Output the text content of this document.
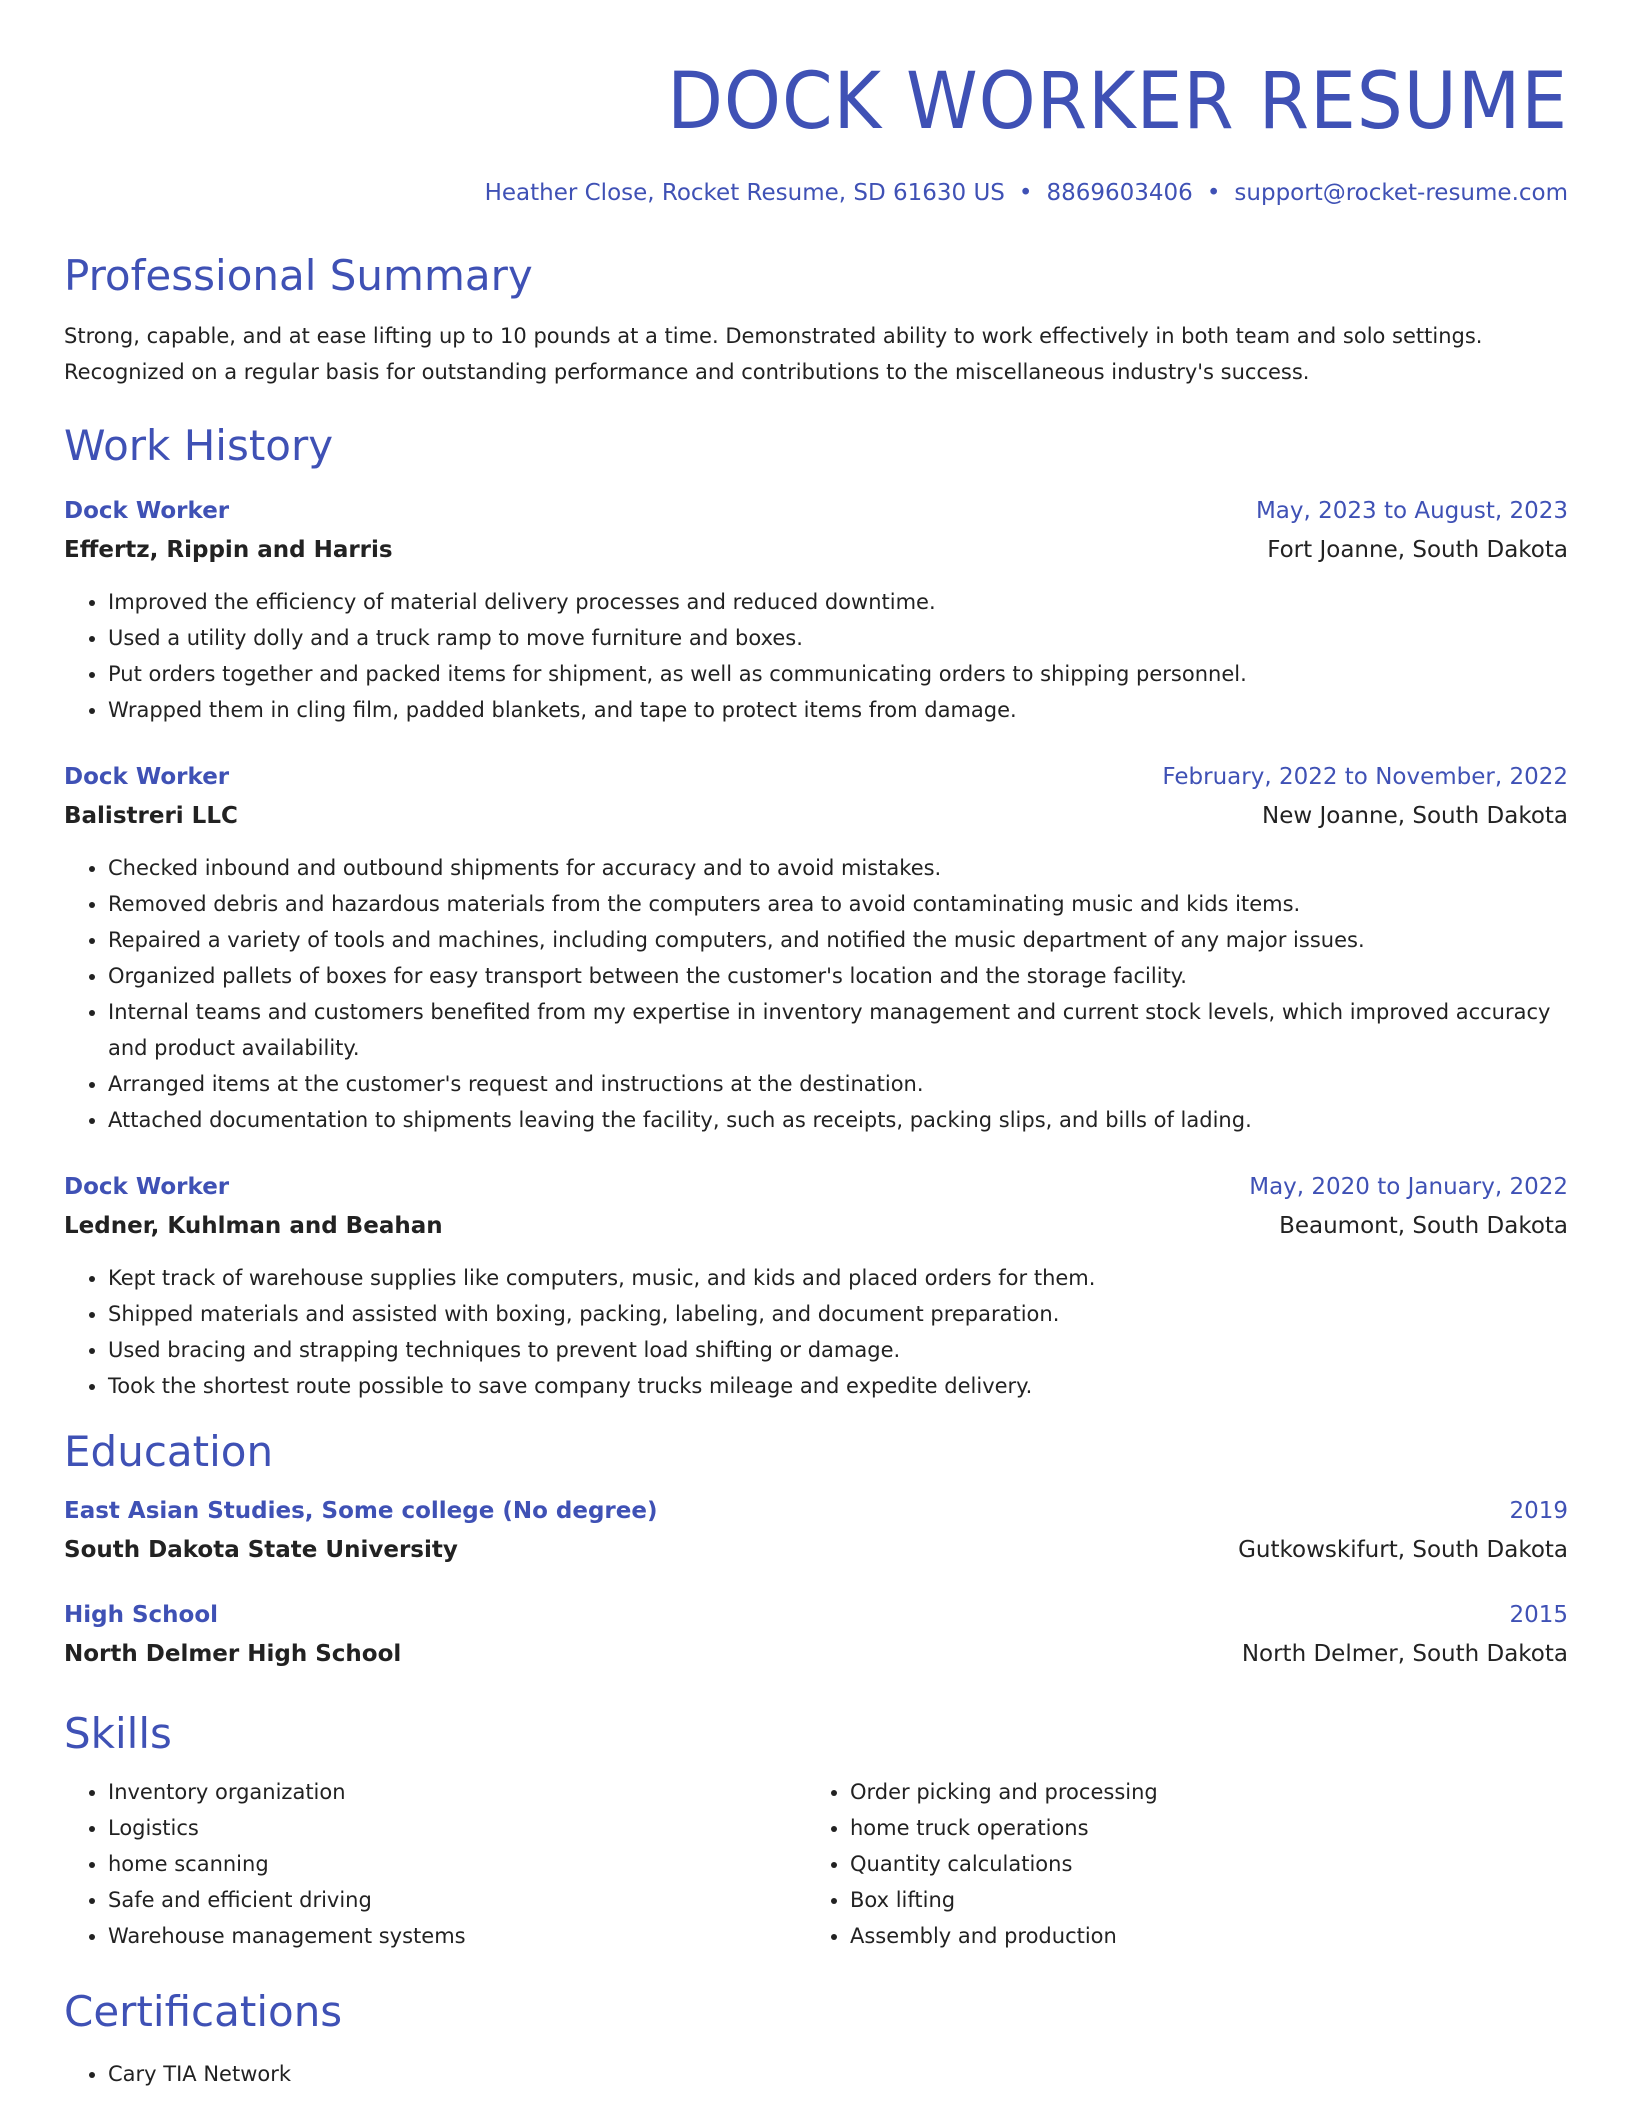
DOCK WORKER RESUME
Heather Close, Rocket Resume, SD 61630 US • 8869603406 • support@rocket-resume.com
Professional Summary
Strong, capable, and at ease lifting up to 10 pounds at a time. Demonstrated ability to work effectively in both team and solo settings. Recognized on a regular basis for outstanding performance and contributions to the miscellaneous industry's success.
Work History
Dock Worker	May, 2023 to August, 2023
Effertz, Rippin and Harris	Fort Joanne, South Dakota
• Improved the efficiency of material delivery processes and reduced downtime.
• Used a utility dolly and a truck ramp to move furniture and boxes.
• Put orders together and packed items for shipment, as well as communicating orders to shipping personnel.
• Wrapped them in cling film, padded blankets, and tape to protect items from damage.
Dock Worker	February, 2022 to November, 2022
Balistreri LLC	New Joanne, South Dakota
• Checked inbound and outbound shipments for accuracy and to avoid mistakes.
• Removed debris and hazardous materials from the computers area to avoid contaminating music and kids items.
• Repaired a variety of tools and machines, including computers, and notified the music department of any major issues.
• Organized pallets of boxes for easy transport between the customer's location and the storage facility.
• Internal teams and customers benefited from my expertise in inventory management and current stock levels, which improved accuracy and product availability.
• Arranged items at the customer's request and instructions at the destination.
• Attached documentation to shipments leaving the facility, such as receipts, packing slips, and bills of lading.
Dock Worker	May, 2020 to January, 2022
Ledner, Kuhlman and Beahan	Beaumont, South Dakota
• Kept track of warehouse supplies like computers, music, and kids and placed orders for them.
• Shipped materials and assisted with boxing, packing, labeling, and document preparation.
• Used bracing and strapping techniques to prevent load shifting or damage.
• Took the shortest route possible to save company trucks mileage and expedite delivery.
Education
East Asian Studies, Some college (No degree)	2019
South Dakota State University	Gutkowskifurt, South Dakota
High School	2015
North Delmer High School	North Delmer, South Dakota
Skills
• Inventory organization
• Logistics
• home scanning
• Safe and efficient driving
• Warehouse management systems
• Order picking and processing
• home truck operations
• Quantity calculations
• Box lifting
• Assembly and production
Certifications
• Cary TIA Network
